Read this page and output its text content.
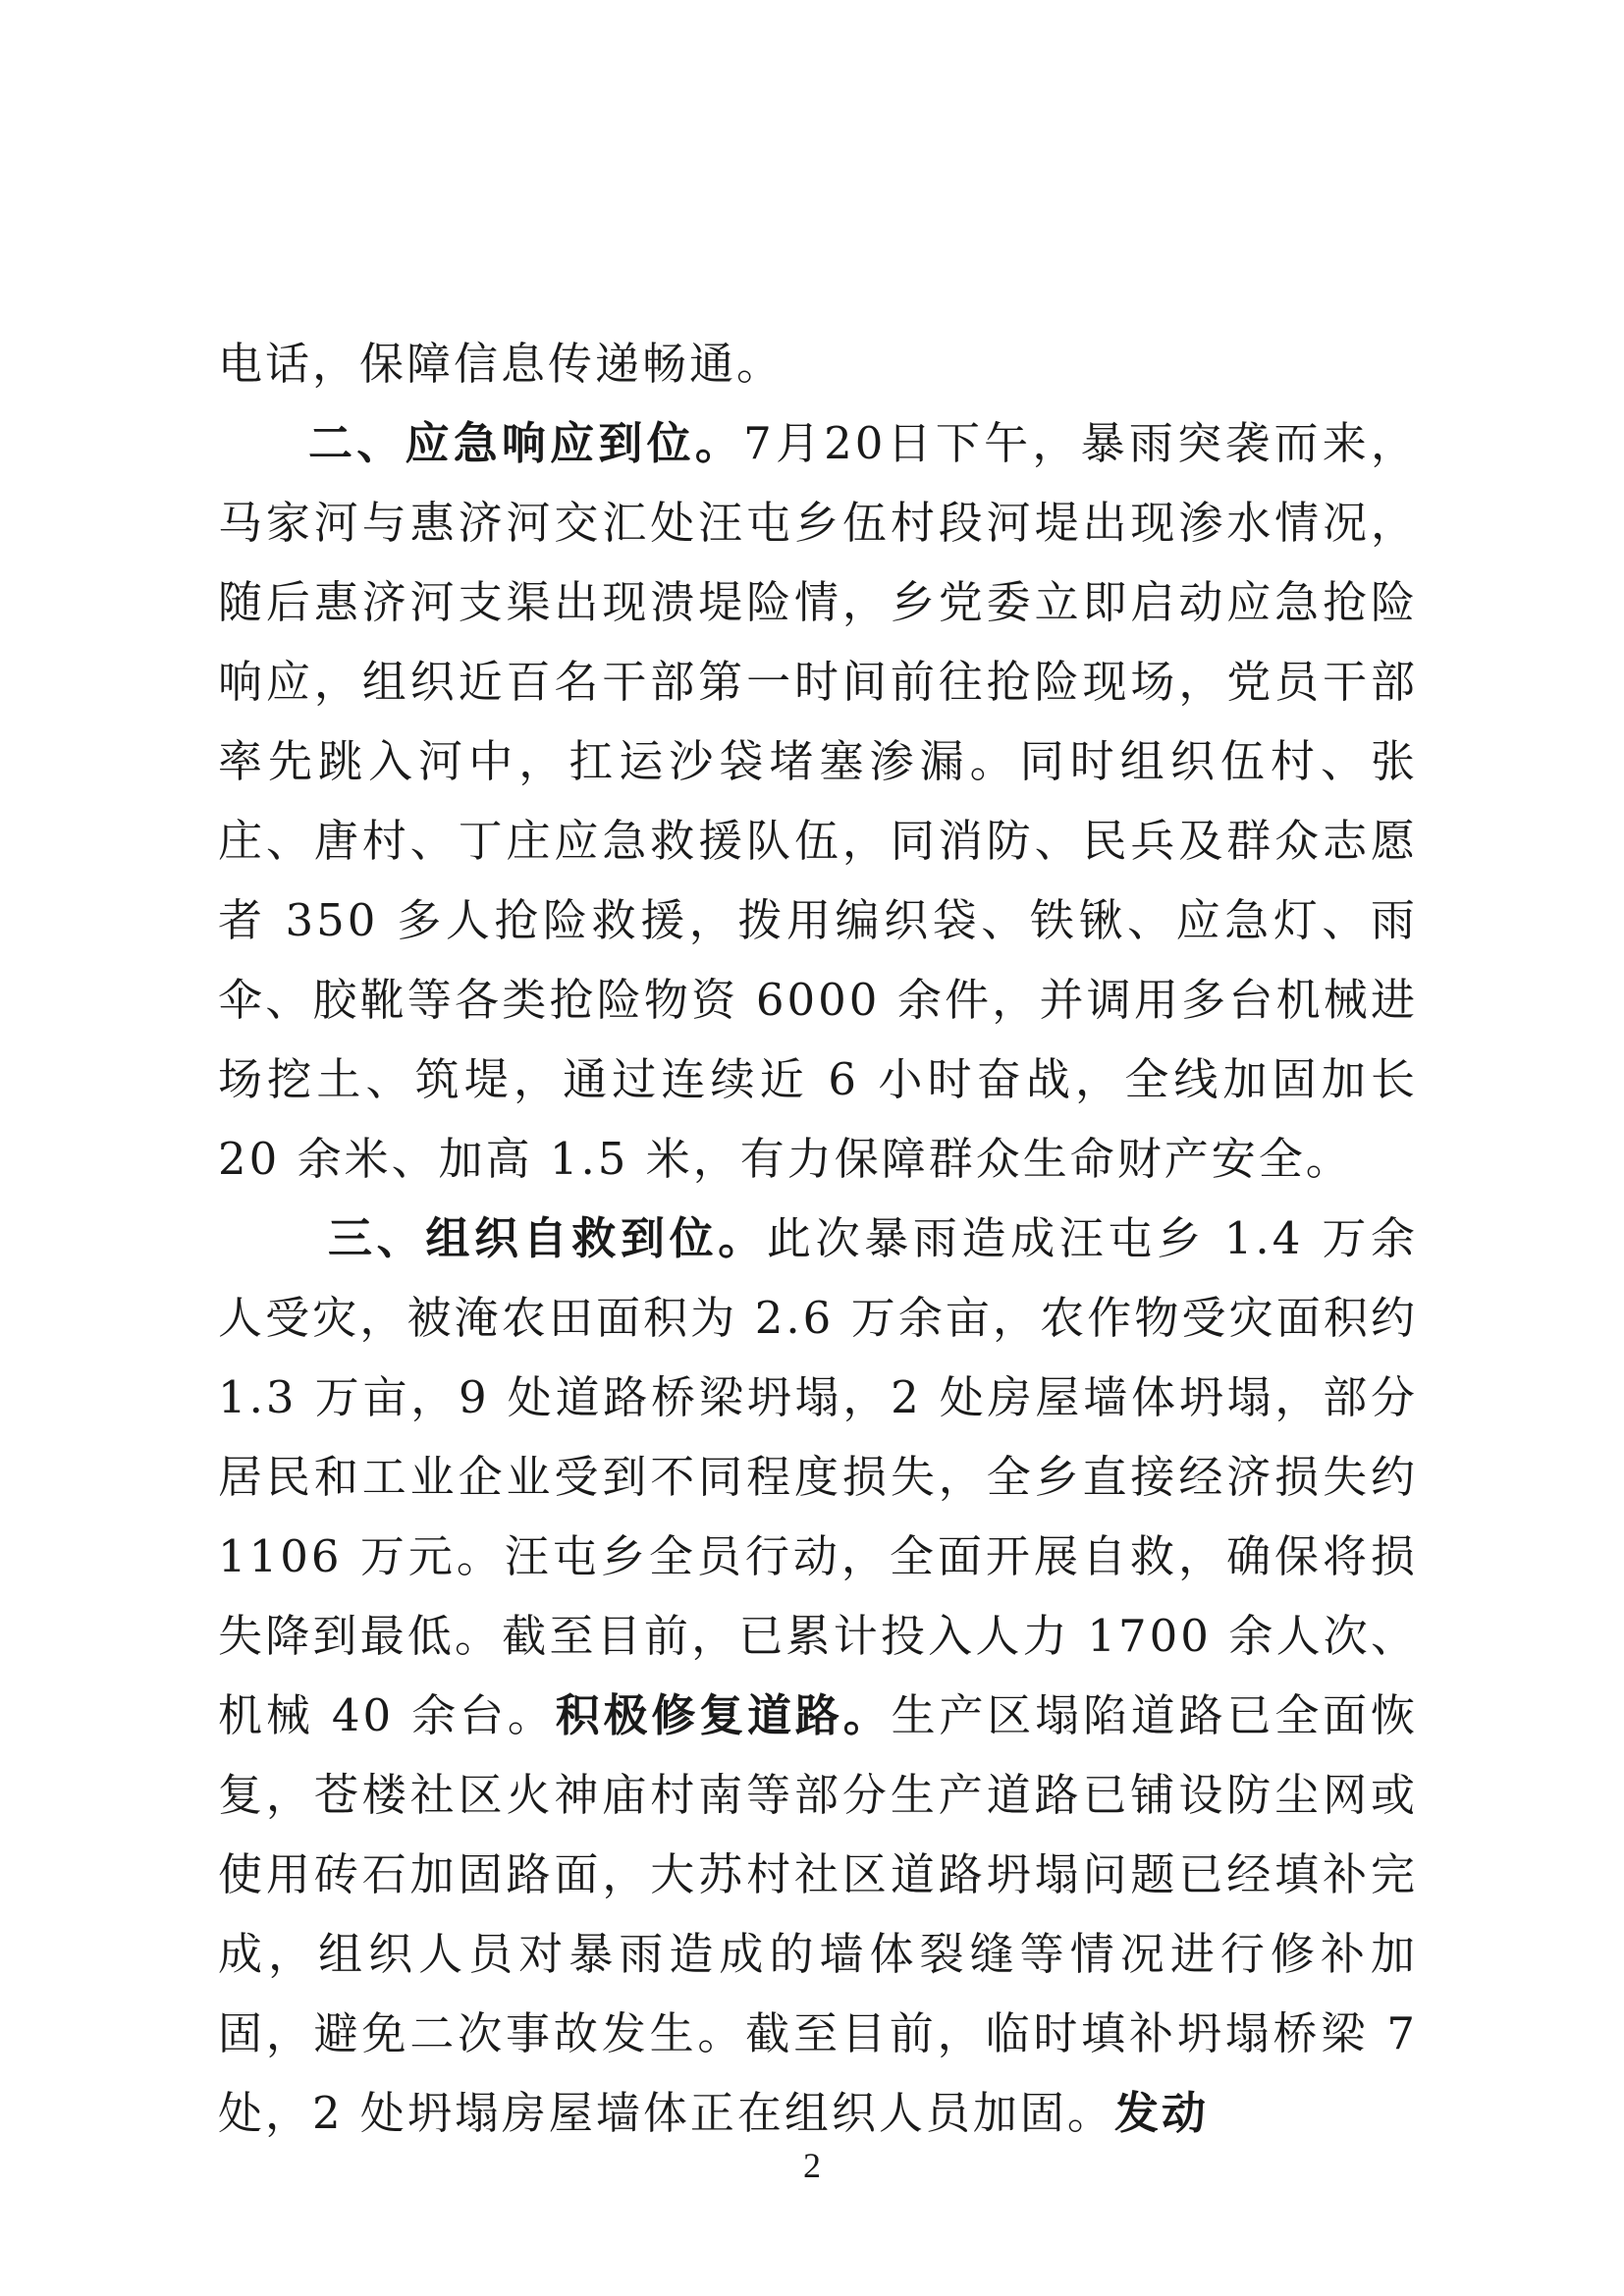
电话，保障信息传递畅通。

二、应急响应到位。7月20日下午，暴雨突袭而来，马家河与惠济河交汇处汪屯乡伍村段河堤出现渗水情况，随后惠济河支渠出现溃堤险情，乡党委立即启动应急抢险响应，组织近百名干部第一时间前往抢险现场，党员干部率先跳入河中，扛运沙袋堵塞渗漏。同时组织伍村、张庄、唐村、丁庄应急救援队伍，同消防、民兵及群众志愿者 350 多人抢险救援，拨用编织袋、铁锹、应急灯、雨伞、胶靴等各类抢险物资 6000 余件，并调用多台机械进场挖土、筑堤，通过连续近 6 小时奋战，全线加固加长 20 余米、加高 1.5 米，有力保障群众生命财产安全。

三、组织自救到位。此次暴雨造成汪屯乡 1.4 万余人受灾，被淹农田面积为 2.6 万余亩，农作物受灾面积约 1.3 万亩，9 处道路桥梁坍塌，2 处房屋墙体坍塌，部分居民和工业企业受到不同程度损失，全乡直接经济损失约 1106 万元。汪屯乡全员行动，全面开展自救，确保将损失降到最低。截至目前，已累计投入人力 1700 余人次、机械 40 余台。积极修复道路。生产区塌陷道路已全面恢复，苍楼社区火神庙村南等部分生产道路已铺设防尘网或使用砖石加固路面，大苏村社区道路坍塌问题已经填补完成，组织人员对暴雨造成的墙体裂缝等情况进行修补加固，避免二次事故发生。截至目前，临时填补坍塌桥梁 7 处，2 处坍塌房屋墙体正在组织人员加固。发动

2
